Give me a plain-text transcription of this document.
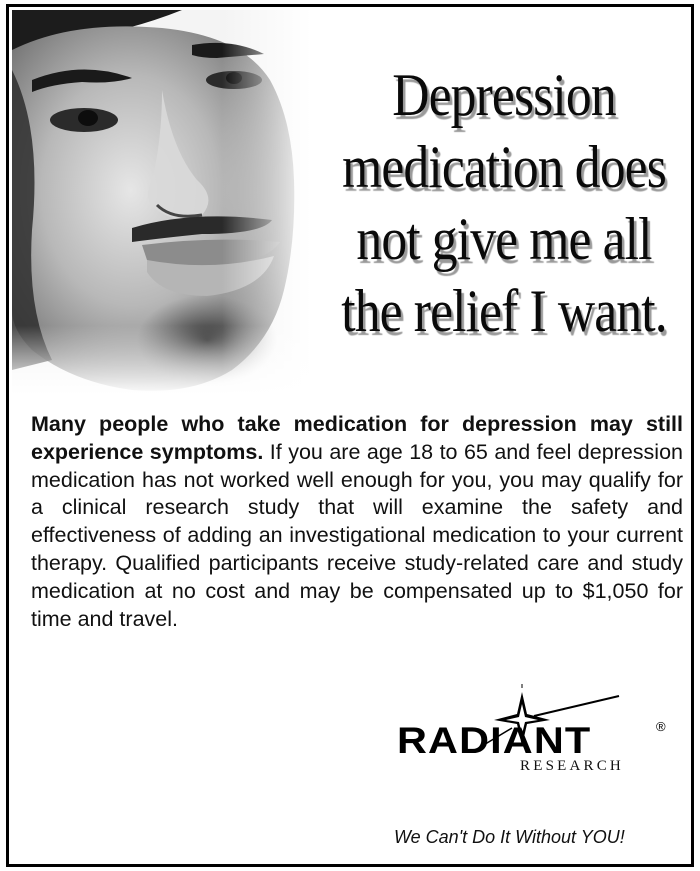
Depression
medication does
not give me all
the relief I want.

Many people who take medication for depression may still experience symptoms. If you are age 18 to 65 and feel depression medication has not worked well enough for you, you may qualify for a clinical research study that will examine the safety and effectiveness of adding an investigational medication to your current therapy. Qualified participants receive study-related care and study medication at no cost and may be compensated up to $1,050 for time and travel.

RADIANT	®
RESEARCH
We Can't Do It Without YOU!
